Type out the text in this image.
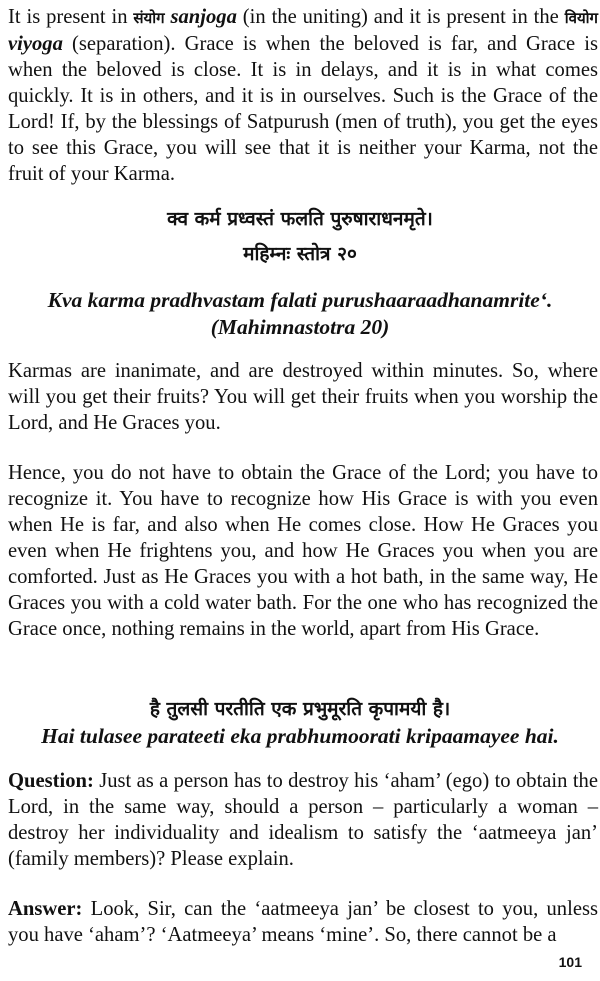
It is present in संयोग sanjoga (in the uniting) and it is present in the वियोग viyoga (separation). Grace is when the beloved is far, and Grace is when the beloved is close. It is in delays, and it is in what comes quickly. It is in others, and it is in ourselves. Such is the Grace of the Lord! If, by the blessings of Satpurush (men of truth), you get the eyes to see this Grace, you will see that it is neither your Karma, not the fruit of your Karma.

क्व कर्म प्रध्वस्तं फलति पुरुषाराधनमृते।

महिम्नः स्तोत्र २०

Kva karma pradhvastam falati purushaaraadhanamrite‘.

(Mahimnastotra 20)

Karmas are inanimate, and are destroyed within minutes. So, where will you get their fruits? You will get their fruits when you worship the Lord, and He Graces you.

Hence, you do not have to obtain the Grace of the Lord; you have to recognize it. You have to recognize how His Grace is with you even when He is far, and also when He comes close. How He Graces you even when He frightens you, and how He Graces you when you are comforted. Just as He Graces you with a hot bath, in the same way, He Graces you with a cold water bath. For the one who has recognized the Grace once, nothing remains in the world, apart from His Grace.

है तुलसी परतीति एक प्रभुमूरति कृपामयी है।

Hai tulasee parateeti eka prabhumoorati kripaamayee hai.

Question: Just as a person has to destroy his ‘aham’ (ego) to obtain the Lord, in the same way, should a person – particularly a woman – destroy her individuality and idealism to satisfy the ‘aatmeeya jan’ (family members)? Please explain.

Answer: Look, Sir, can the ‘aatmeeya jan’ be closest to you, unless you have ‘aham’? ‘Aatmeeya’ means ‘mine’. So, there cannot be a

101
